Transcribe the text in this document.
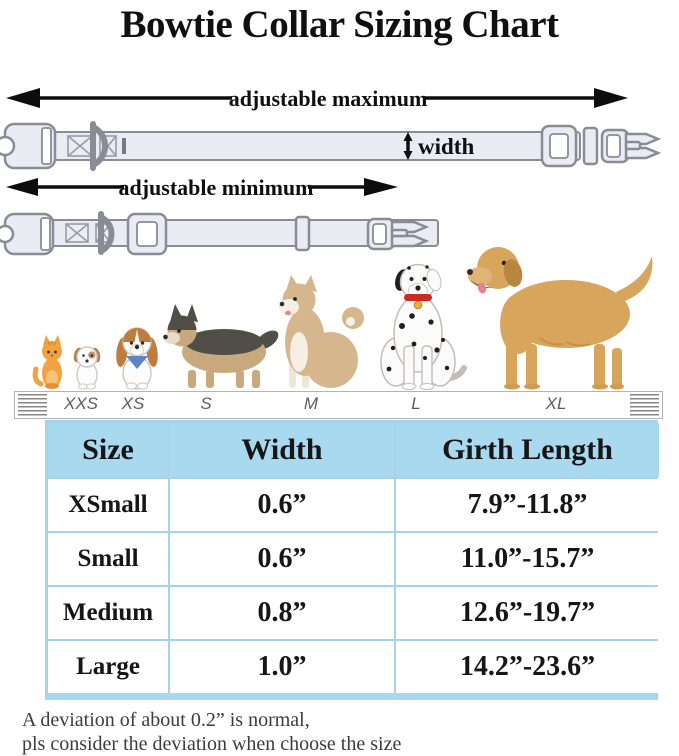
Bowtie Collar Sizing Chart
adjustable maximum
width
adjustable minimum
XXS XS	S	M	L	XL
Size	Width	Girth Length
XSmall	0.6”	7.9”-11.8”
Small	0.6”	11.0”-15.7”
Medium	0.8”	12.6”-19.7”
Large	1.0”	14.2”-23.6”
A deviation of about 0.2” is normal,
pls consider the deviation when choose the size
